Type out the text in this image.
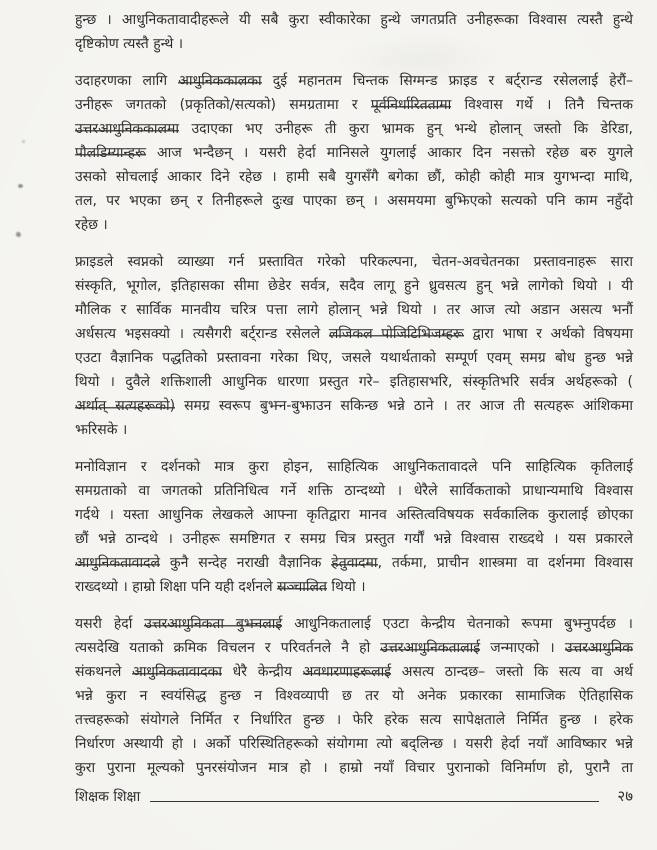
हुन्छ । आधुनिकतावादीहरूले यी सबै कुरा स्वीकारेका हुन्थे जगतप्रति उनीहरूका विश्वास त्यस्तै हुन्थे
दृष्टिकोण त्यस्तै हुन्थे ।
उदाहरणका लागि आधुनिककालका दुई महानतम चिन्तक सिग्मन्ड फ्राइड र बर्ट्रान्ड रसेललाई हेरौं–
उनीहरू जगतको (प्रकृतिको/सत्यको) समग्रतामा र पूर्वनिर्धारिततामा विश्वास गर्थे । तिनै चिन्तक
उत्तरआधुनिककालमा उदाएका भए उनीहरू ती कुरा भ्रामक हुन् भन्थे होलान् जस्तो कि डेरिडा,
पौलडिम्यान्हरू आज भन्दैछन् । यसरी हेर्दा मानिसले युगलाई आकार दिन नसक्तो रहेछ बरु युगले
उसको सोचलाई आकार दिने रहेछ । हामी सबै युगसँगै बगेका छौं, कोही कोही मात्र युगभन्दा माथि,
तल, पर भएका छन् र तिनीहरूले दुःख पाएका छन् । असमयमा बुझिएको सत्यको पनि काम नहुँदो
रहेछ ।
फ्राइडले स्वप्नको व्याख्या गर्न प्रस्तावित गरेको परिकल्पना, चेतन-अवचेतनका प्रस्तावनाहरू सारा
संस्कृति, भूगोल, इतिहासका सीमा छेडेर सर्वत्र, सदैव लागू हुने ध्रुवसत्य हुन् भन्ने लागेको थियो । यी
मौलिक र सार्विक मानवीय चरित्र पत्ता लागे होलान् भन्ने थियो । तर आज त्यो अडान असत्य भनौं
अर्धसत्य भइसक्यो । त्यसैगरी बर्ट्रान्ड रसेलले लजिकल पोजिटिभिजम्हरू द्वारा भाषा र अर्थको विषयमा
एउटा वैज्ञानिक पद्धतिको प्रस्तावना गरेका थिए, जसले यथार्थताको सम्पूर्ण एवम् समग्र बोध हुन्छ भन्ने
थियो । दुवैले शक्तिशाली आधुनिक धारणा प्रस्तुत गरे– इतिहासभरि, संस्कृतिभरि सर्वत्र अर्थहरूको (
अर्थात् सत्यहरूको) समग्र स्वरूप बुझ्न-बुझाउन सकिन्छ भन्ने ठाने । तर आज ती सत्यहरू आंशिकमा
झरिसके ।
मनोविज्ञान र दर्शनको मात्र कुरा होइन, साहित्यिक आधुनिकतावादले पनि साहित्यिक कृतिलाई
समग्रताको वा जगतको प्रतिनिधित्व गर्ने शक्ति ठान्दथ्यो । धेरैले सार्विकताको प्राधान्यमाथि विश्वास
गर्दथे । यस्ता आधुनिक लेखकले आफ्ना कृतिद्वारा मानव अस्तित्वविषयक सर्वकालिक कुरालाई छोएका
छौं भन्ने ठान्दथे । उनीहरू समष्टिगत र समग्र चित्र प्रस्तुत गर्यौं भन्ने विश्वास राख्दथे । यस प्रकारले
आधुनिकतावादले कुनै सन्देह नराखी वैज्ञानिक हेतुवादमा, तर्कमा, प्राचीन शास्त्रमा वा दर्शनमा विश्वास
राख्दथ्यो । हाम्रो शिक्षा पनि यही दर्शनले सञ्चालित थियो ।
यसरी हेर्दा उत्तरआधुनिकता बुझ्नलाई आधुनिकतालाई एउटा केन्द्रीय चेतनाको रूपमा बुझ्नुपर्दछ ।
त्यसदेखि यताको क्रमिक विचलन र परिवर्तनले नै हो उत्तरआधुनिकतालाई जन्माएको । उत्तरआधुनिक
संकथनले आधुनिकतावादका धेरै केन्द्रीय अवधारणाहरूलाई असत्य ठान्दछ– जस्तो कि सत्य वा अर्थ
भन्ने कुरा न स्वयंसिद्ध हुन्छ न विश्वव्यापी छ तर यो अनेक प्रकारका सामाजिक ऐतिहासिक
तत्त्वहरूको संयोगले निर्मित र निर्धारित हुन्छ । फेरि हरेक सत्य सापेक्षताले निर्मित हुन्छ । हरेक
निर्धारण अस्थायी हो । अर्को परिस्थितिहरूको संयोगमा त्यो बद्लिन्छ । यसरी हेर्दा नयाँ आविष्कार भन्ने
कुरा पुराना मूल्यको पुनरसंयोजन मात्र हो । हाम्रो नयाँ विचार पुरानाको विनिर्माण हो, पुरानै ता
शिक्षक शिक्षा	२७
